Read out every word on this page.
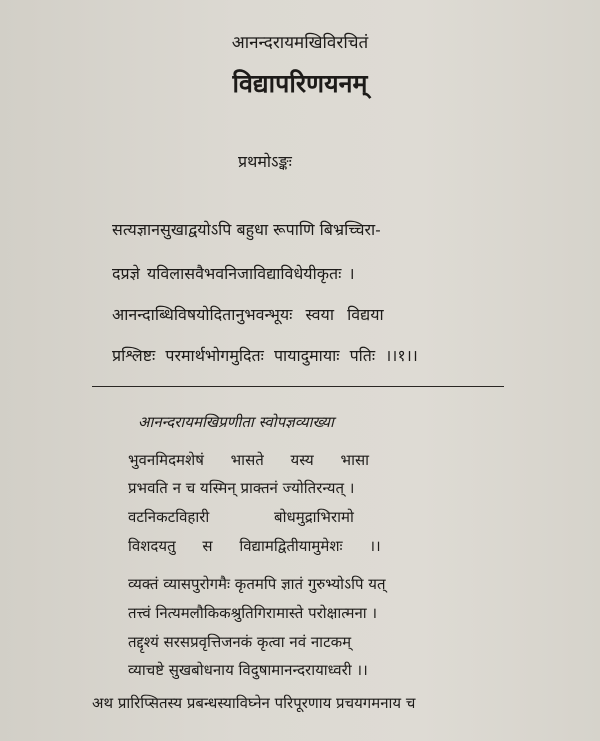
आनन्दरायमखिविरचितं
विद्यापरिणयनम्
प्रथमोऽङ्कः
सत्यज्ञानसुखाद्वयोऽपि बहुधा रूपाणि बिभ्रच्चिरा-
दप्रज्ञे यविलासवैभवनिजाविद्याविधेयीकृतः ।
आनन्दाब्धिविषयोदितानुभवन्भूयः स्वया विद्यया
प्रश्लिष्टः परमार्थभोगमुदितः पायादुमायाः पतिः ।।१।।
आनन्दरायमखिप्रणीता स्वोपज्ञव्याख्या
भुवनमिदमशेषं भासते यस्य भासा
प्रभवति न च यस्मिन् प्राक्तनं ज्योतिरन्यत् ।
वटनिकटविहारी बोधमुद्राभिरामो
विशदयतु स विद्यामद्वितीयामुमेशः ।।
व्यक्तं व्यासपुरोगमैः कृतमपि ज्ञातं गुरुभ्योऽपि यत्
तत्त्वं नित्यमलौकिकश्रुतिगिरामास्ते परोक्षात्मना ।
तद्दृश्यं सरसप्रवृत्तिजनकं कृत्वा नवं नाटकम्
व्याचष्टे सुखबोधनाय विदुषामानन्दरायाध्वरी ।।
अथ प्रारिप्सितस्य प्रबन्धस्याविघ्नेन परिपूरणाय प्रचयगमनाय च
